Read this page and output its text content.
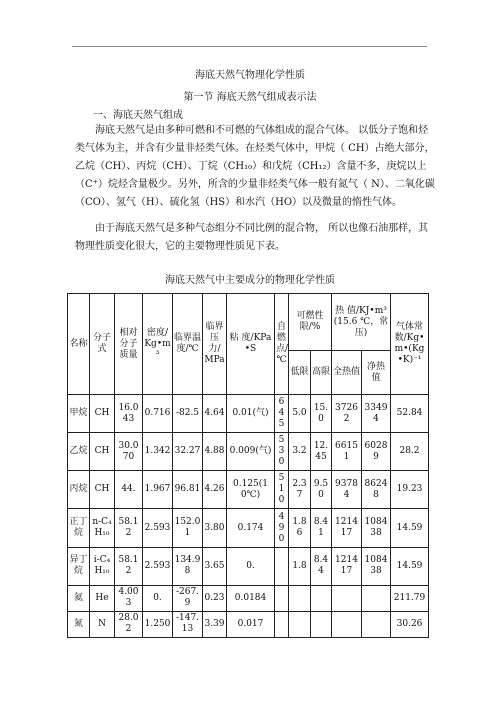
海底天然气物理化学性质
第一节 海底天然气组成表示法
一、海底天然气组成

海底天然气是由多种可燃和不可燃的气体组成的混合气体。 以低分子饱和烃类气体为主，并含有少量非烃类气体。在烃类气体中，甲烷（ CH）占绝大部分，乙烷（CH）、丙烷（CH）、丁烷（CH₁₀）和戊烷（CH₁₂）含量不多，庚烷以上（C⁺）烷烃含量极少。另外，所含的少量非烃类气体一般有氮气（ N）、二氧化碳（CO）、氢气（H）、硫化氢（HS）和水汽（HO）以及微量的惰性气体。

由于海底天然气是多种气态组分不同比例的混合物， 所以也像石油那样，其物理性质变化很大，它的主要物理性质见下表。

海底天然气中主要成分的物理化学性质
名称	分子式	相对分子质量	密度/Kg•m³	临界温度/℃	临界压力/MPa	粘 度/KPa•S	自燃点/℃	可燃性限/%		热 值/KJ•m³(15.6 ℃，常压)		气体常数/Kg•m•(Kg•K)⁻¹
								低限	高限	全热值	净热值	
甲烷	CH	16.043	0.716	-82.5	4.64	0.01(气)	645	5.0	15.0	37262	33494	52.84
乙烷	CH	30.070	1.342	32.27	4.88	0.009(气)	530	3.2	12.45	66151	60289	28.2
丙烷	CH	44.	1.967	96.81	4.26	0.125(10℃)	510	2.37	9.50	93784	86248	19.23
正丁烷	n-C₄H₁₀	58.12	2.593	152.01	3.80	0.174	490	1.86	8.41	121417	108438	14.59
异丁烷	i-C₄H₁₀	58.12	2.593	134.98	3.65	0.		1.8	8.44	121417	108438	14.59
氦	He	4.003	0.	-267.9	0.23	0.0184						211.79
氮	N	28.02	1.250	-147.13	3.39	0.017						30.26
